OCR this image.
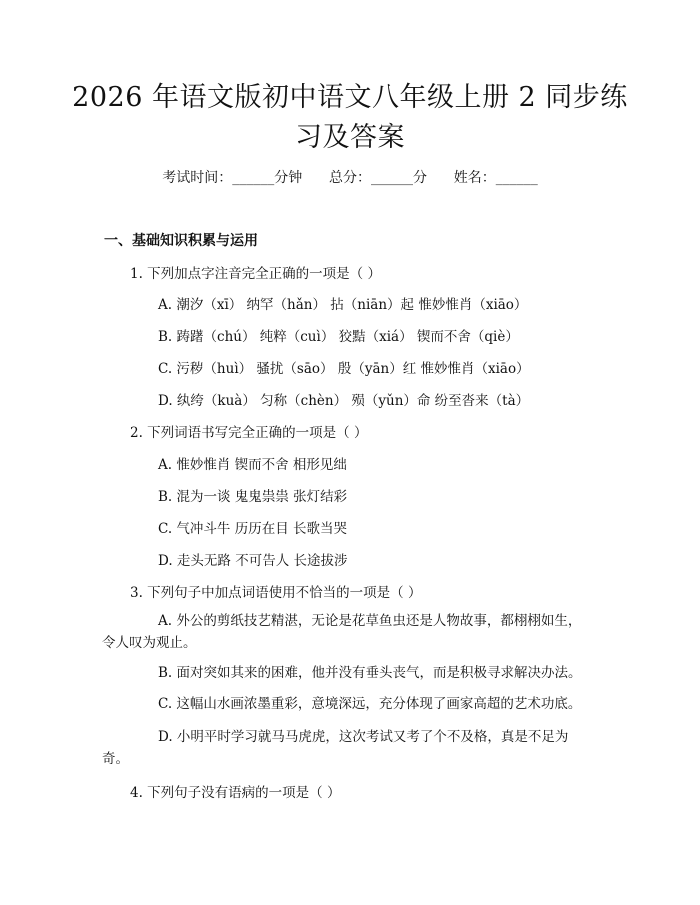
2026 年语文版初中语文八年级上册 2 同步练习及答案
考试时间：______分钟      总分：______分      姓名：______
一、基础知识积累与运用
1. 下列加点字注音完全正确的一项是（ ）
A. 潮汐（xī） 纳罕（hǎn） 拈（niān）起 惟妙惟肖（xiāo）
B. 踌躇（chú） 纯粹（cuì） 狡黠（xiá） 锲而不舍（qiè）
C. 污秽（huì） 骚扰（sāo） 殷（yān）红 惟妙惟肖（xiāo）
D. 纨绔（kuà） 匀称（chèn） 殒（yǔn）命 纷至沓来（tà）
2. 下列词语书写完全正确的一项是（ ）
A. 惟妙惟肖 锲而不舍 相形见绌
B. 混为一谈 鬼鬼祟祟 张灯结彩
C. 气冲斗牛 历历在目 长歌当哭
D. 走头无路 不可告人 长途拔涉
3. 下列句子中加点词语使用不恰当的一项是（ ）

A. 外公的剪纸技艺精湛，无论是花草鱼虫还是人物故事，都栩栩如生，令人叹为观止。

B. 面对突如其来的困难，他并没有垂头丧气，而是积极寻求解决办法。

C. 这幅山水画浓墨重彩，意境深远，充分体现了画家高超的艺术功底。

D. 小明平时学习就马马虎虎，这次考试又考了个不及格，真是不足为奇。

4. 下列句子没有语病的一项是（ ）
